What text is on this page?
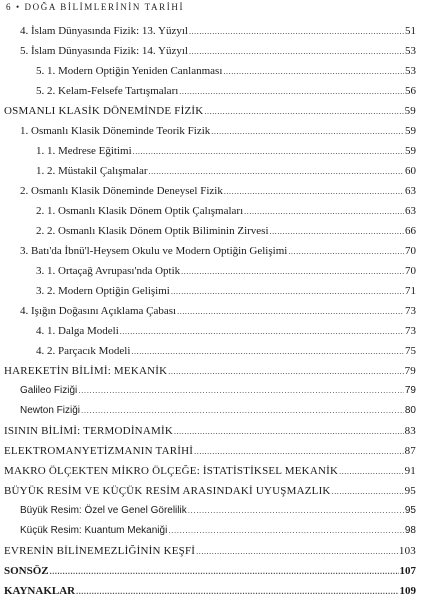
6 • DOĞA BİLİMLERİNİN TARİHİ
4. İslam Dünyasında Fizik: 13. Yüzyıl .....	51
5. İslam Dünyasında Fizik: 14. Yüzyıl .....	53
5. 1. Modern Optiğin Yeniden Canlanması .....	53
5. 2. Kelam-Felsefe Tartışmaları .....	56
OSMANLI KLASİK DÖNEMİNDE FİZİK .....	59
1. Osmanlı Klasik Döneminde Teorik Fizik .....	59
1. 1. Medrese Eğitimi .....	59
1. 2. Müstakil Çalışmalar .....	60
2. Osmanlı Klasik Döneminde Deneysel Fizik .....	63
2. 1. Osmanlı Klasik Dönem Optik Çalışmaları .....	63
2. 2. Osmanlı Klasik Dönem Optik Biliminin Zirvesi .....	66
3. Batı'da İbnü'l-Heysem Okulu ve Modern Optiğin Gelişimi .....	70
3. 1. Ortaçağ Avrupası'nda Optik .....	70
3. 2. Modern Optiğin Gelişimi .....	71
4. Işığın Doğasını Açıklama Çabası .....	73
4. 1. Dalga Modeli .....	73
4. 2. Parçacık Modeli .....	75
HAREKETİN BİLİMİ: MEKANİK .....	79
Galileo Fiziği .....	79
Newton Fiziği .....	80
ISININ BİLİMİ: TERMODİNAMİK .....	83
ELEKTROMANYETİZMANIN TARİHİ .....	87
MAKRO ÖLÇEKTEN MİKRO ÖLÇEĞE: İSTATİSTİKSEL MEKANİK .....	91
BÜYÜK RESİM VE KÜÇÜK RESİM ARASINDAKİ UYUŞMAZLIK .....	95
Büyük Resim: Özel ve Genel Görelilik .....	95
Küçük Resim: Kuantum Mekaniği .....	98
EVRENİN BİLİNEMEZLİĞİNİN KEŞFİ .....	103
SONSÖZ .....	107
KAYNAKLAR .....	109
